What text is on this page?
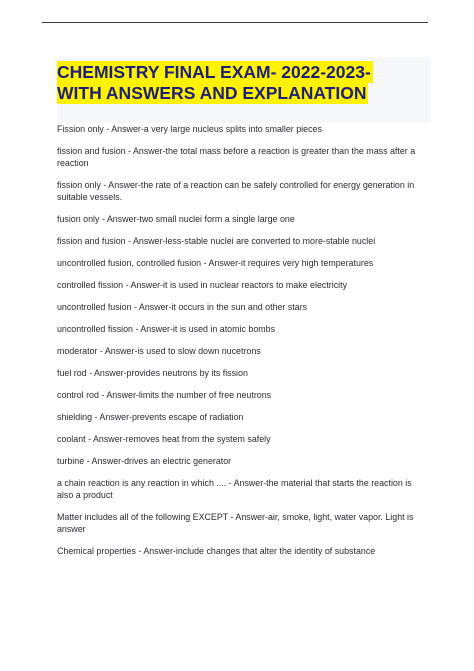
CHEMISTRY FINAL EXAM- 2022-2023-
WITH ANSWERS AND EXPLANATION

Fission only - Answer-a very large nucleus splits into smaller pieces

fission and fusion - Answer-the total mass before a reaction is greater than the mass after a reaction

fission only - Answer-the rate of a reaction can be safely controlled for energy generation in suitable vessels.

fusion only - Answer-two small nuclei form a single large one

fission and fusion - Answer-less-stable nuclei are converted to more-stable nuclei

uncontrolled fusion, controlled fusion - Answer-it requires very high temperatures

controlled fission - Answer-it is used in nuclear reactors to make electricity

uncontrolled fusion - Answer-it occurs in the sun and other stars

uncontrolled fission - Answer-it is used in atomic bombs

moderator - Answer-is used to slow down nucetrons

fuel rod - Answer-provides neutrons by its fission

control rod - Answer-limits the number of free neutrons

shielding - Answer-prevents escape of radiation

coolant - Answer-removes heat from the system safely

turbine - Answer-drives an electric generator

a chain reaction is any reaction in which .... - Answer-the material that starts the reaction is also a product

Matter includes all of the following EXCEPT - Answer-air, smoke, light, water vapor. Light is answer

Chemical properties - Answer-include changes that alter the identity of substance
